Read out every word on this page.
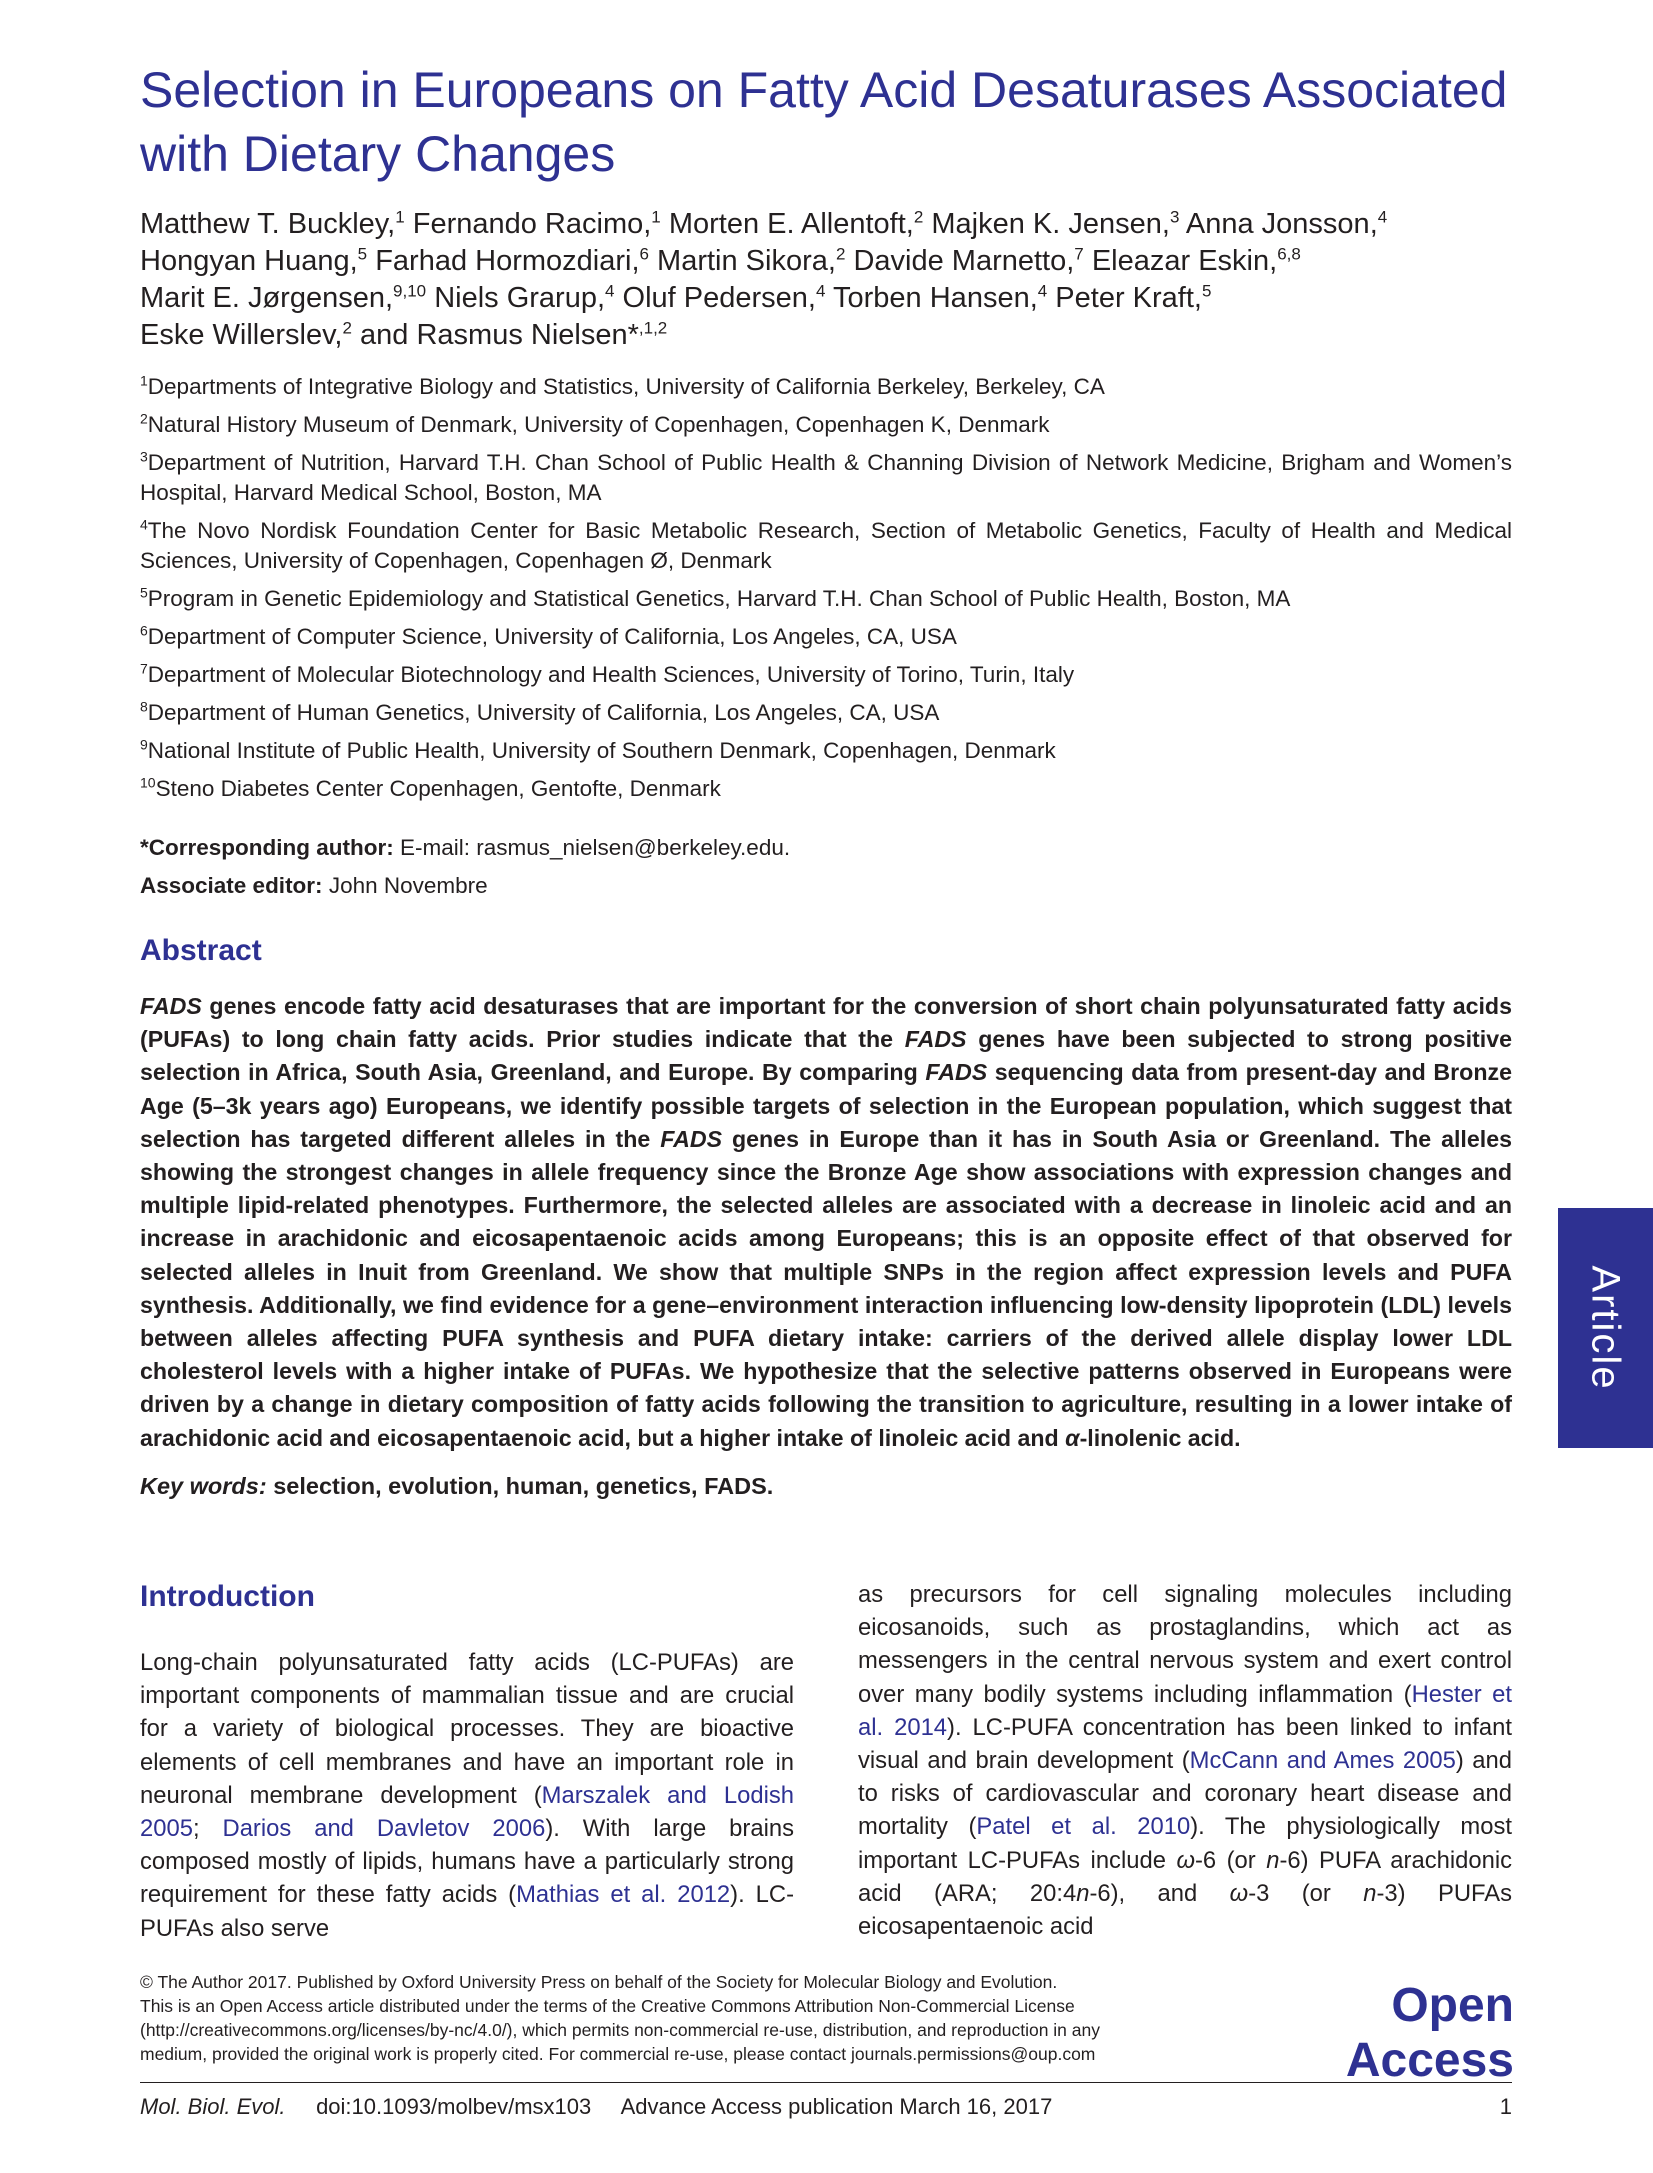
Selection in Europeans on Fatty Acid Desaturases Associated with Dietary Changes
Matthew T. Buckley,$^1$ Fernando Racimo,$^1$ Morten E. Allentoft,$^2$ Majken K. Jensen,$^3$ Anna Jonsson,$^4$
Hongyan Huang,$^5$ Farhad Hormozdiari,$^6$ Martin Sikora,$^2$ Davide Marnetto,$^7$ Eleazar Eskin,$^{6,8}$
Marit E. Jørgensen,$^{9,10}$ Niels Grarup,$^4$ Oluf Pedersen,$^4$ Torben Hansen,$^4$ Peter Kraft,$^5$
Eske Willerslev,$^2$ and Rasmus Nielsen*$^{,1,2}$

$^1$Departments of Integrative Biology and Statistics, University of California Berkeley, Berkeley, CA

$^2$Natural History Museum of Denmark, University of Copenhagen, Copenhagen K, Denmark

$^3$Department of Nutrition, Harvard T.H. Chan School of Public Health & Channing Division of Network Medicine, Brigham and Women’s Hospital, Harvard Medical School, Boston, MA

$^4$The Novo Nordisk Foundation Center for Basic Metabolic Research, Section of Metabolic Genetics, Faculty of Health and Medical Sciences, University of Copenhagen, Copenhagen Ø, Denmark

$^5$Program in Genetic Epidemiology and Statistical Genetics, Harvard T.H. Chan School of Public Health, Boston, MA

$^6$Department of Computer Science, University of California, Los Angeles, CA, USA

$^7$Department of Molecular Biotechnology and Health Sciences, University of Torino, Turin, Italy

$^8$Department of Human Genetics, University of California, Los Angeles, CA, USA

$^9$National Institute of Public Health, University of Southern Denmark, Copenhagen, Denmark

$^{10}$Steno Diabetes Center Copenhagen, Gentofte, Denmark

*Corresponding author: E-mail: rasmus_nielsen@berkeley.edu.
Associate editor: John Novembre
Abstract

FADS genes encode fatty acid desaturases that are important for the conversion of short chain polyunsaturated fatty acids (PUFAs) to long chain fatty acids. Prior studies indicate that the FADS genes have been subjected to strong positive selection in Africa, South Asia, Greenland, and Europe. By comparing FADS sequencing data from present-day and Bronze Age (5–3k years ago) Europeans, we identify possible targets of selection in the European population, which suggest that selection has targeted different alleles in the FADS genes in Europe than it has in South Asia or Greenland. The alleles showing the strongest changes in allele frequency since the Bronze Age show associations with expression changes and multiple lipid-related phenotypes. Furthermore, the selected alleles are associated with a decrease in linoleic acid and an increase in arachidonic and eicosapentaenoic acids among Europeans; this is an opposite effect of that observed for selected alleles in Inuit from Greenland. We show that multiple SNPs in the region affect expression levels and PUFA synthesis. Additionally, we find evidence for a gene–environment interaction influencing low-density lipoprotein (LDL) levels between alleles affecting PUFA synthesis and PUFA dietary intake: carriers of the derived allele display lower LDL cholesterol levels with a higher intake of PUFAs. We hypothesize that the selective patterns observed in Europeans were driven by a change in dietary composition of fatty acids following the transition to agriculture, resulting in a lower intake of arachidonic acid and eicosapentaenoic acid, but a higher intake of linoleic acid and α-linolenic acid.

Key words: selection, evolution, human, genetics, FADS.
Introduction

Long-chain polyunsaturated fatty acids (LC-PUFAs) are important components of mammalian tissue and are crucial for a variety of biological processes. They are bioactive elements of cell membranes and have an important role in neuronal membrane development (Marszalek and Lodish 2005; Darios and Davletov 2006). With large brains composed mostly of lipids, humans have a particularly strong requirement for these fatty acids (Mathias et al. 2012). LC-PUFAs also serve

as precursors for cell signaling molecules including eicosanoids, such as prostaglandins, which act as messengers in the central nervous system and exert control over many bodily systems including inflammation (Hester et al. 2014). LC-PUFA concentration has been linked to infant visual and brain development (McCann and Ames 2005) and to risks of cardiovascular and coronary heart disease and mortality (Patel et al. 2010). The physiologically most important LC-PUFAs include ω-6 (or n-6) PUFA arachidonic acid (ARA; 20:4n-6), and ω-3 (or n-3) PUFAs eicosapentaenoic acid

Article

© The Author 2017. Published by Oxford University Press on behalf of the Society for Molecular Biology and Evolution.

This is an Open Access article distributed under the terms of the Creative Commons Attribution Non-Commercial License

(http://creativecommons.org/licenses/by-nc/4.0/), which permits non-commercial re-use, distribution, and reproduction in any

medium, provided the original work is properly cited. For commercial re-use, please contact journals.permissions@oup.com

Open Access
Mol. Biol. Evol. doi:10.1093/molbev/msx103 Advance Access publication March 16, 2017	1
